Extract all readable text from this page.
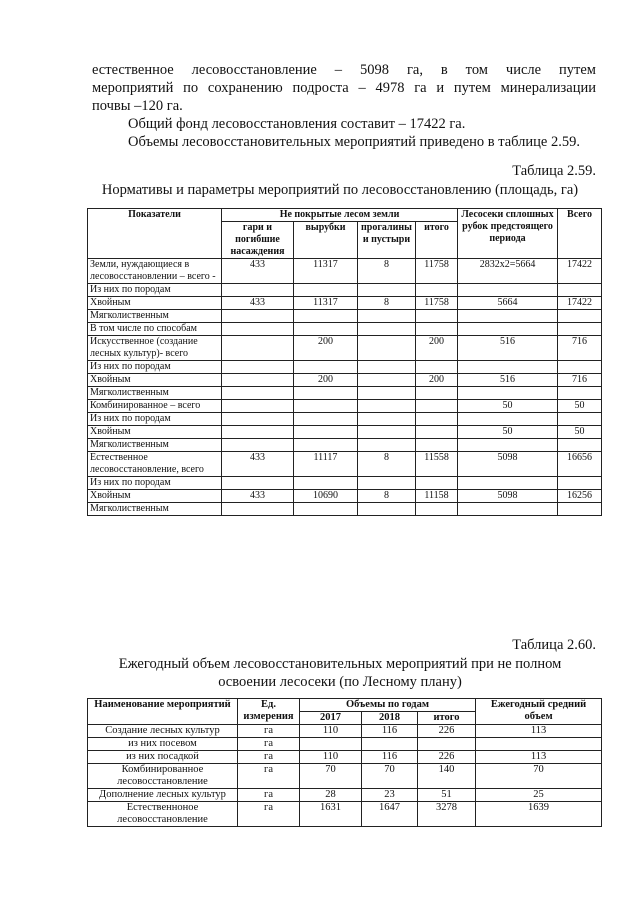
естественное лесовосстановление – 5098 га, в том числе путем
мероприятий по сохранению подроста – 4978 га и путем минерализации
почвы –120 га.
Общий фонд лесовосстановления составит – 17422 га.
Объемы лесовосстановительных мероприятий приведено в таблице 2.59.
Таблица 2.59.
Нормативы и параметры мероприятий по лесовосстановлению (площадь, га)
Показатели	Не покрытые лесом земли				Лесосеки сплошных рубок предстоящего периода	Всего
	гари и погибшие насаждения	вырубки	прогалины и пустыри	итого		
Земли, нуждающиеся в лесовосстановлении – всего -	433	11317	8	11758	2832x2=5664	17422
Из них по породам						
Хвойным	433	11317	8	11758	5664	17422
Мягколиственным						
В том числе по способам						
Искусственное (создание лесных культур)- всего		200		200	516	716
Из них по породам						
Хвойным		200		200	516	716
Мягколиственным						
Комбинированное – всего					50	50
Из них по породам						
Хвойным					50	50
Мягколиственным						
Естественное лесовосстановление, всего	433	11117	8	11558	5098	16656
Из них по породам						
Хвойным	433	10690	8	11158	5098	16256
Мягколиственным						
Таблица 2.60.
Ежегодный объем лесовосстановительных мероприятий при не полном
освоении лесосеки (по Лесному плану)
Наименование мероприятий	Ед. измерения	Объемы по годам			Ежегодный средний объем
		2017	2018	итого	
Создание лесных культур	га	110	116	226	113
из них посевом	га				
из них посадкой	га	110	116	226	113
Комбинированное лесовосстановление	га	70	70	140	70
Дополнение лесных культур	га	28	23	51	25
Естественноное лесовосстановление	га	1631	1647	3278	1639
